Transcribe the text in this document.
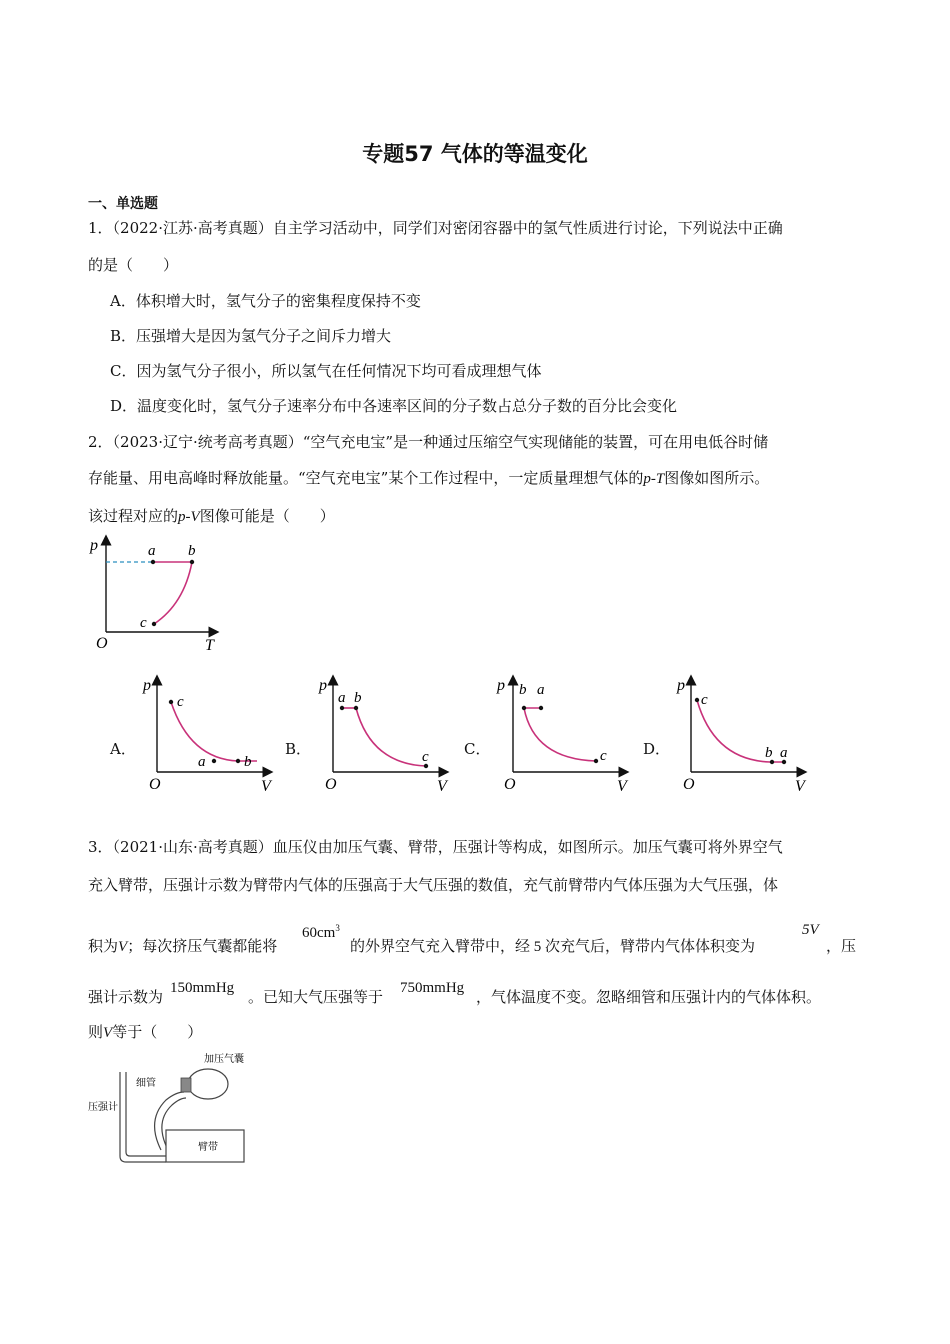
专题57 气体的等温变化
一、单选题
1．（2022·江苏·高考真题）自主学习活动中，同学们对密闭容器中的氢气性质进行讨论，下列说法中正确
的是（　　）
A．体积增大时，氢气分子的密集程度保持不变
B．压强增大是因为氢气分子之间斥力增大
C．因为氢气分子很小，所以氢气在任何情况下均可看成理想气体
D．温度变化时，氢气分子速率分布中各速率区间的分子数占总分子数的百分比会变化
2．（2023·辽宁·统考高考真题）“空气充电宝”是一种通过压缩空气实现储能的装置，可在用电低谷时储
存能量、用电高峰时释放能量。“空气充电宝”某个工作过程中，一定质量理想气体的p-T图像如图所示。
该过程对应的p-V图像可能是（　　）
p	a b
c
O	T
A．
p
c
a	b
O	V
B．
p
a b
c
O	V
C．
p b a
c
O	V
D．
p
c
b a
O	V
3．（2021·山东·高考真题）血压仪由加压气囊、臂带，压强计等构成，如图所示。加压气囊可将外界空气
充入臂带，压强计示数为臂带内气体的压强高于大气压强的数值，充气前臂带内气体压强为大气压强，体
积为V；每次挤压气囊都能将
$60cm^3$
的外界空气充入臂带中，经 5 次充气后，臂带内气体体积变为
5V
，压
强计示数为 150mmHg 。已知大气压强等于 750mmHg ，气体温度不变。忽略细管和压强计内的气体体积。
则V等于（　　）
加压气囊
细管
压强计
臂带
